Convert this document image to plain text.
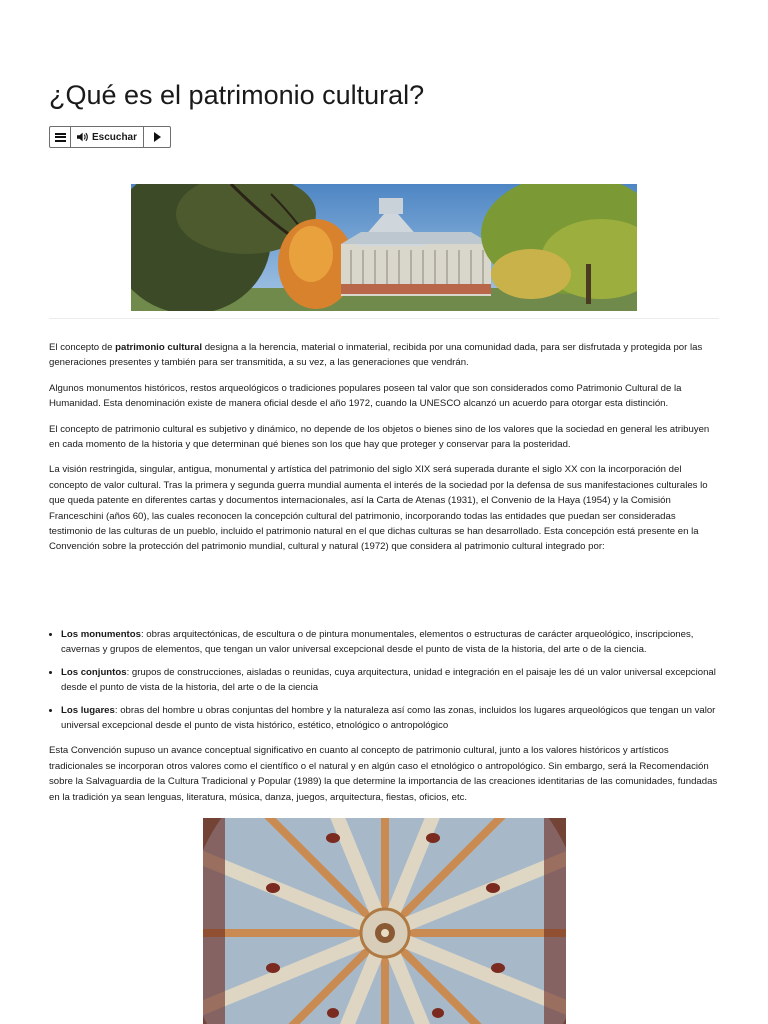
¿Qué es el patrimonio cultural?
Escuchar

El concepto de patrimonio cultural designa a la herencia, material o inmaterial, recibida por una comunidad dada, para ser disfrutada y protegida por las generaciones presentes y también para ser transmitida, a su vez, a las generaciones que vendrán.

Algunos monumentos históricos, restos arqueológicos o tradiciones populares poseen tal valor que son considerados como Patrimonio Cultural de la Humanidad. Esta denominación existe de manera oficial desde el año 1972, cuando la UNESCO alcanzó un acuerdo para otorgar esta distinción.

El concepto de patrimonio cultural es subjetivo y dinámico, no depende de los objetos o bienes sino de los valores que la sociedad en general les atribuyen en cada momento de la historia y que determinan qué bienes son los que hay que proteger y conservar para la posteridad.

La visión restringida, singular, antigua, monumental y artística del patrimonio del siglo XIX será superada durante el siglo XX con la incorporación del concepto de valor cultural. Tras la primera y segunda guerra mundial aumenta el interés de la sociedad por la defensa de sus manifestaciones culturales lo que queda patente en diferentes cartas y documentos internacionales, así la Carta de Atenas (1931), el Convenio de la Haya (1954) y la Comisión Franceschini (años 60), las cuales reconocen la concepción cultural del patrimonio, incorporando todas las entidades que puedan ser consideradas testimonio de las culturas de un pueblo, incluido el patrimonio natural en el que dichas culturas se han desarrollado. Esta concepción está presente en la Convención sobre la protección del patrimonio mundial, cultural y natural (1972) que considera al patrimonio cultural integrado por:

• Los monumentos: obras arquitectónicas, de escultura o de pintura monumentales, elementos o estructuras de carácter arqueológico, inscripciones, cavernas y grupos de elementos, que tengan un valor universal excepcional desde el punto de vista de la historia, del arte o de la ciencia.
• Los conjuntos: grupos de construcciones, aisladas o reunidas, cuya arquitectura, unidad e integración en el paisaje les dé un valor universal excepcional desde el punto de vista de la historia, del arte o de la ciencia
• Los lugares: obras del hombre u obras conjuntas del hombre y la naturaleza así como las zonas, incluidos los lugares arqueológicos que tengan un valor universal excepcional desde el punto de vista histórico, estético, etnológico o antropológico

Esta Convención supuso un avance conceptual significativo en cuanto al concepto de patrimonio cultural, junto a los valores históricos y artísticos tradicionales se incorporan otros valores como el científico o el natural y en algún caso el etnológico o antropológico. Sin embargo, será la Recomendación sobre la Salvaguardia de la Cultura Tradicional y Popular (1989) la que determine la importancia de las creaciones identitarias de las comunidades, fundadas en la tradición ya sean lenguas, literatura, música, danza, juegos, arquitectura, fiestas, oficios, etc.
